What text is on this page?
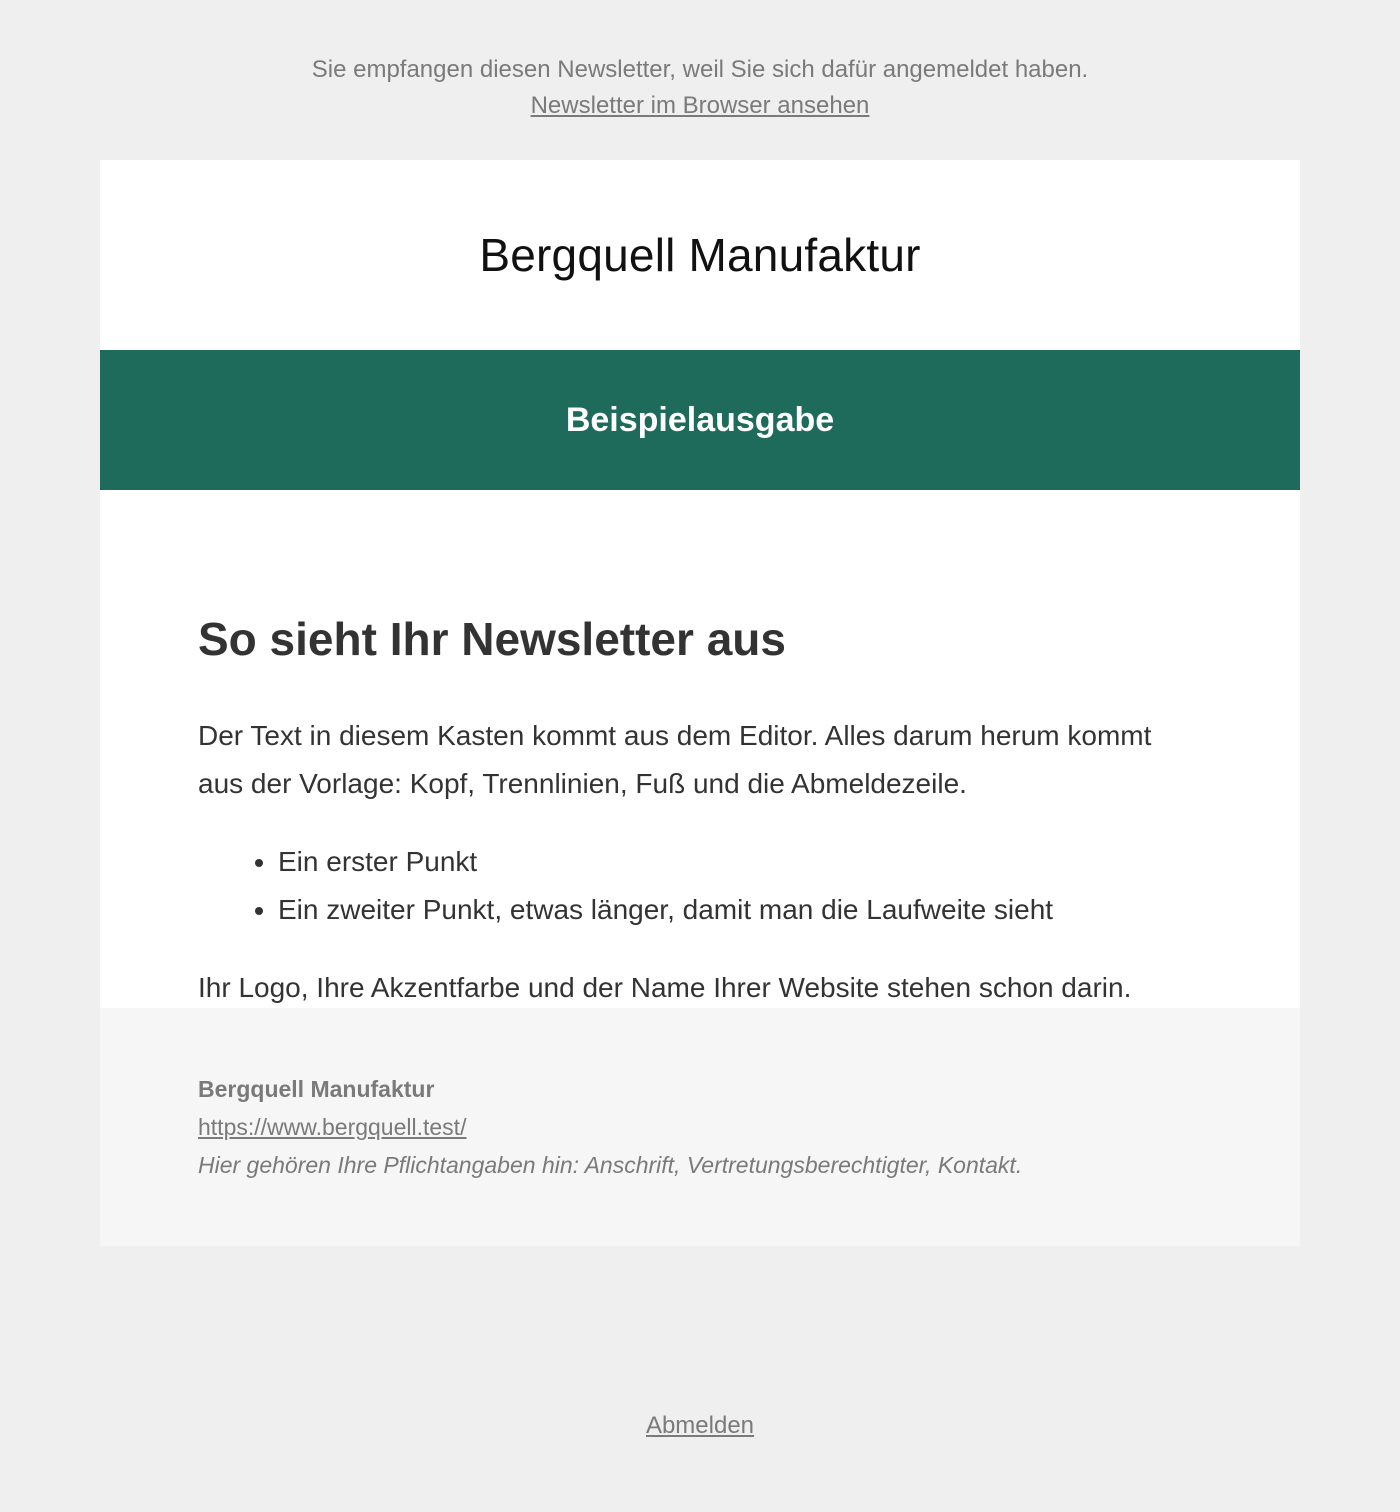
Sie empfangen diesen Newsletter, weil Sie sich dafür angemeldet haben.
Newsletter im Browser ansehen
Bergquell Manufaktur
Beispielausgabe
So sieht Ihr Newsletter aus

Der Text in diesem Kasten kommt aus dem Editor. Alles darum herum kommt aus der Vorlage: Kopf, Trennlinien, Fuß und die Abmeldezeile.

• Ein erster Punkt
• Ein zweiter Punkt, etwas länger, damit man die Laufweite sieht

Ihr Logo, Ihre Akzentfarbe und der Name Ihrer Website stehen schon darin.

Bergquell Manufaktur
https://www.bergquell.test/
Hier gehören Ihre Pflichtangaben hin: Anschrift, Vertretungsberechtigter, Kontakt.
Abmelden
